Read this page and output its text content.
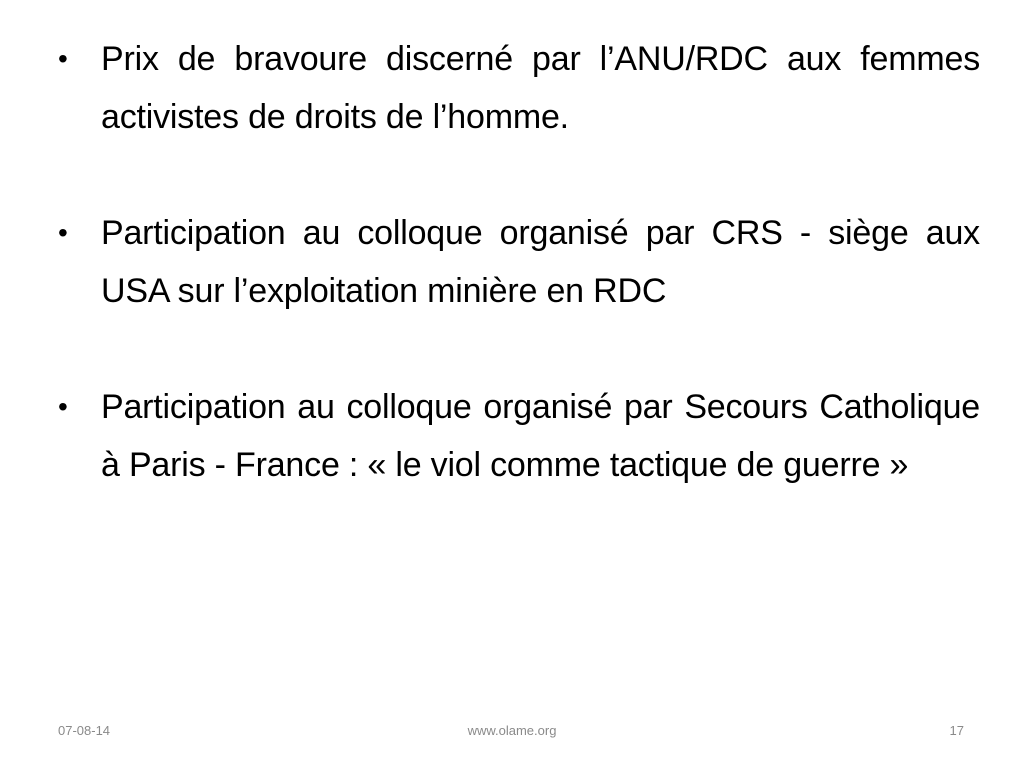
• Prix de bravoure discerné par l’ANU/RDC aux femmes activistes de droits de l’homme.
• Participation au colloque organisé par CRS - siège aux USA sur l’exploitation minière en RDC
• Participation au colloque organisé par Secours Catholique à Paris - France : « le viol comme tactique de guerre »
07-08-14	www.olame.org	17
